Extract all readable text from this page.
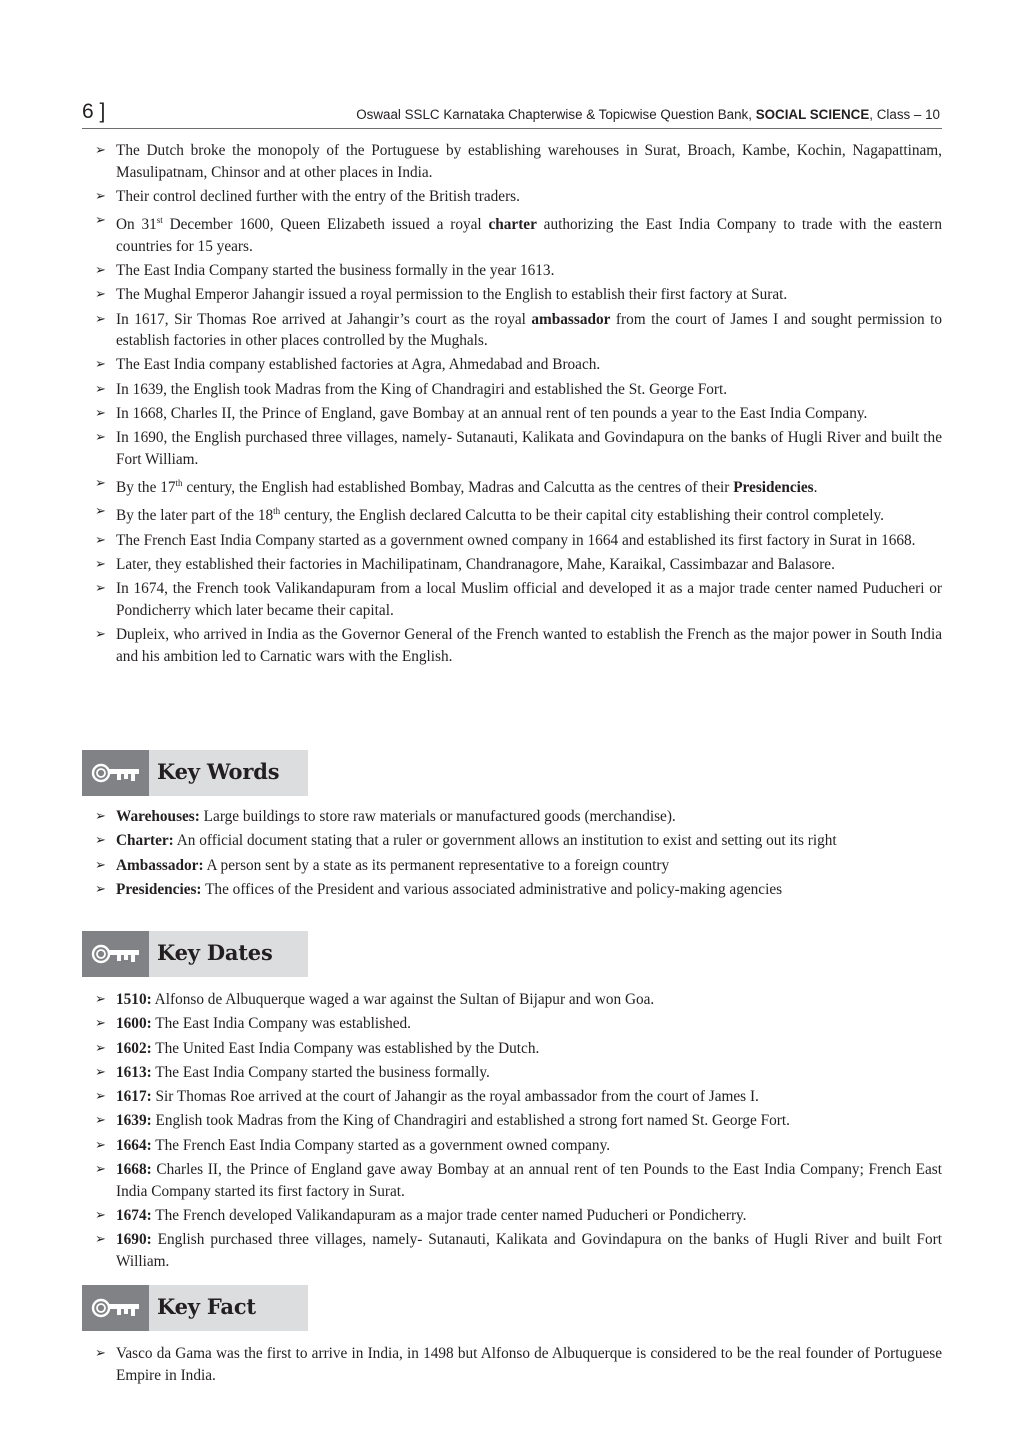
6 ]	Oswaal SSLC Karnataka Chapterwise & Topicwise Question Bank, SOCIAL SCIENCE, Class – 10
➢ The Dutch broke the monopoly of the Portuguese by establishing warehouses in Surat, Broach, Kambe, Kochin, Nagapattinam, Masulipatnam, Chinsor and at other places in India.
➢ Their control declined further with the entry of the British traders.
➢ On 31st December 1600, Queen Elizabeth issued a royal charter authorizing the East India Company to trade with the eastern countries for 15 years.
➢ The East India Company started the business formally in the year 1613.
➢ The Mughal Emperor Jahangir issued a royal permission to the English to establish their first factory at Surat.
➢ In 1617, Sir Thomas Roe arrived at Jahangir’s court as the royal ambassador from the court of James I and sought permission to establish factories in other places controlled by the Mughals.
➢ The East India company established factories at Agra, Ahmedabad and Broach.
➢ In 1639, the English took Madras from the King of Chandragiri and established the St. George Fort.
➢ In 1668, Charles II, the Prince of England, gave Bombay at an annual rent of ten pounds a year to the East India Company.
➢ In 1690, the English purchased three villages, namely- Sutanauti, Kalikata and Govindapura on the banks of Hugli River and built the Fort William.
➢ By the 17th century, the English had established Bombay, Madras and Calcutta as the centres of their Presidencies.
➢ By the later part of the 18th century, the English declared Calcutta to be their capital city establishing their control completely.
➢ The French East India Company started as a government owned company in 1664 and established its first factory in Surat in 1668.
➢ Later, they established their factories in Machilipatinam, Chandranagore, Mahe, Karaikal, Cassimbazar and Balasore.
➢ In 1674, the French took Valikandapuram from a local Muslim official and developed it as a major trade center named Puducheri or Pondicherry which later became their capital.
➢ Dupleix, who arrived in India as the Governor General of the French wanted to establish the French as the major power in South India and his ambition led to Carnatic wars with the English.
Key Words
➢ Warehouses: Large buildings to store raw materials or manufactured goods (merchandise).
➢ Charter: An official document stating that a ruler or government allows an institution to exist and setting out its right
➢ Ambassador: A person sent by a state as its permanent representative to a foreign country
➢ Presidencies: The offices of the President and various associated administrative and policy-making agencies
Key Dates
➢ 1510: Alfonso de Albuquerque waged a war against the Sultan of Bijapur and won Goa.
➢ 1600: The East India Company was established.
➢ 1602: The United East India Company was established by the Dutch.
➢ 1613: The East India Company started the business formally.
➢ 1617: Sir Thomas Roe arrived at the court of Jahangir as the royal ambassador from the court of James I.
➢ 1639: English took Madras from the King of Chandragiri and established a strong fort named St. George Fort.
➢ 1664: The French East India Company started as a government owned company.
➢ 1668: Charles II, the Prince of England gave away Bombay at an annual rent of ten Pounds to the East India Company; French East India Company started its first factory in Surat.
➢ 1674: The French developed Valikandapuram as a major trade center named Puducheri or Pondicherry.
➢ 1690: English purchased three villages, namely- Sutanauti, Kalikata and Govindapura on the banks of Hugli River and built Fort William.
Key Fact
➢ Vasco da Gama was the first to arrive in India, in 1498 but Alfonso de Albuquerque is considered to be the real founder of Portuguese Empire in India.
